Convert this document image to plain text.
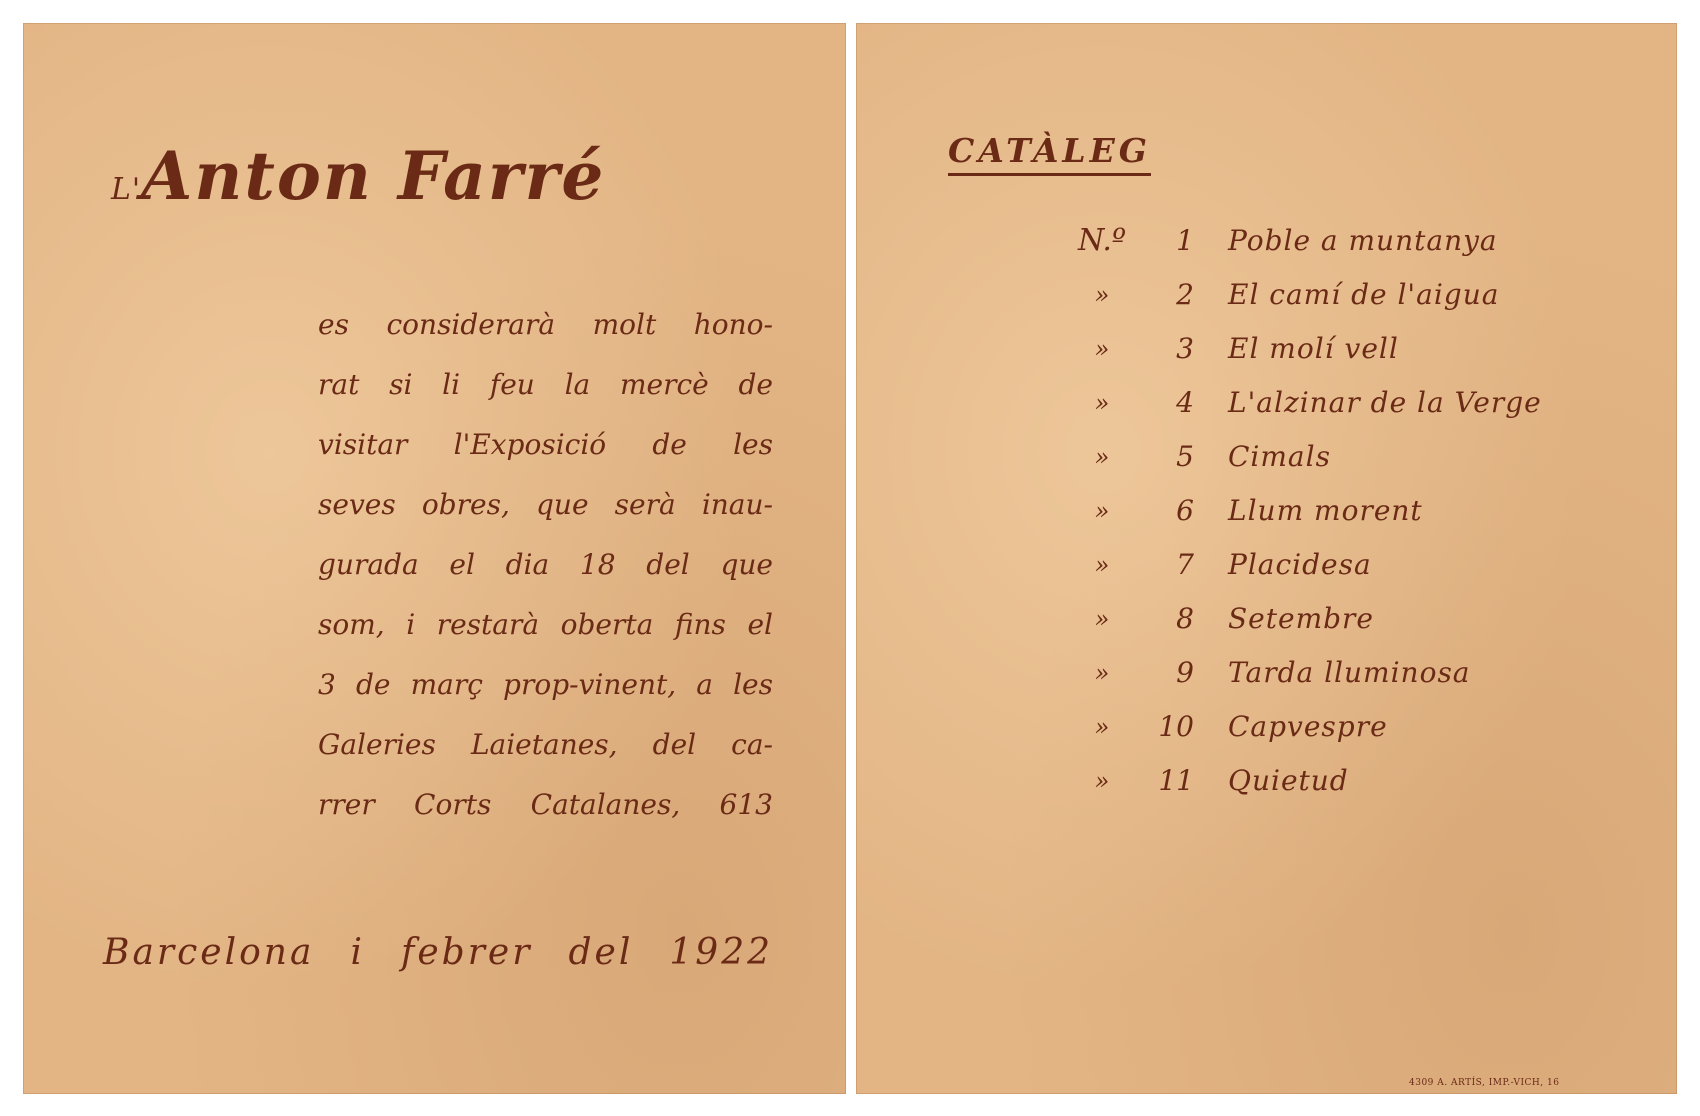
L'Anton Farré
es considerarà molt hono-
rat si li feu la mercè de
visitar l'Exposició de les
seves obres, que serà inau-
gurada el dia 18 del que
som, i restarà oberta fins el
3 de març prop-vinent, a les
Galeries Laietanes, del ca-
rrer Corts Catalanes, 613

Barcelona i febrer del 1922

CATÀLEG
N.º	1 Poble a muntanya
»	2 El camí de l'aigua
»	3 El molí vell
»	4 L'alzinar de la Verge
»	5 Cimals
»	6 Llum morent
»	7 Placidesa
»	8 Setembre
»	9 Tarda lluminosa
»	10 Capvespre
»	11 Quietud

4309 A. ARTÍS, IMP.-VICH, 16
